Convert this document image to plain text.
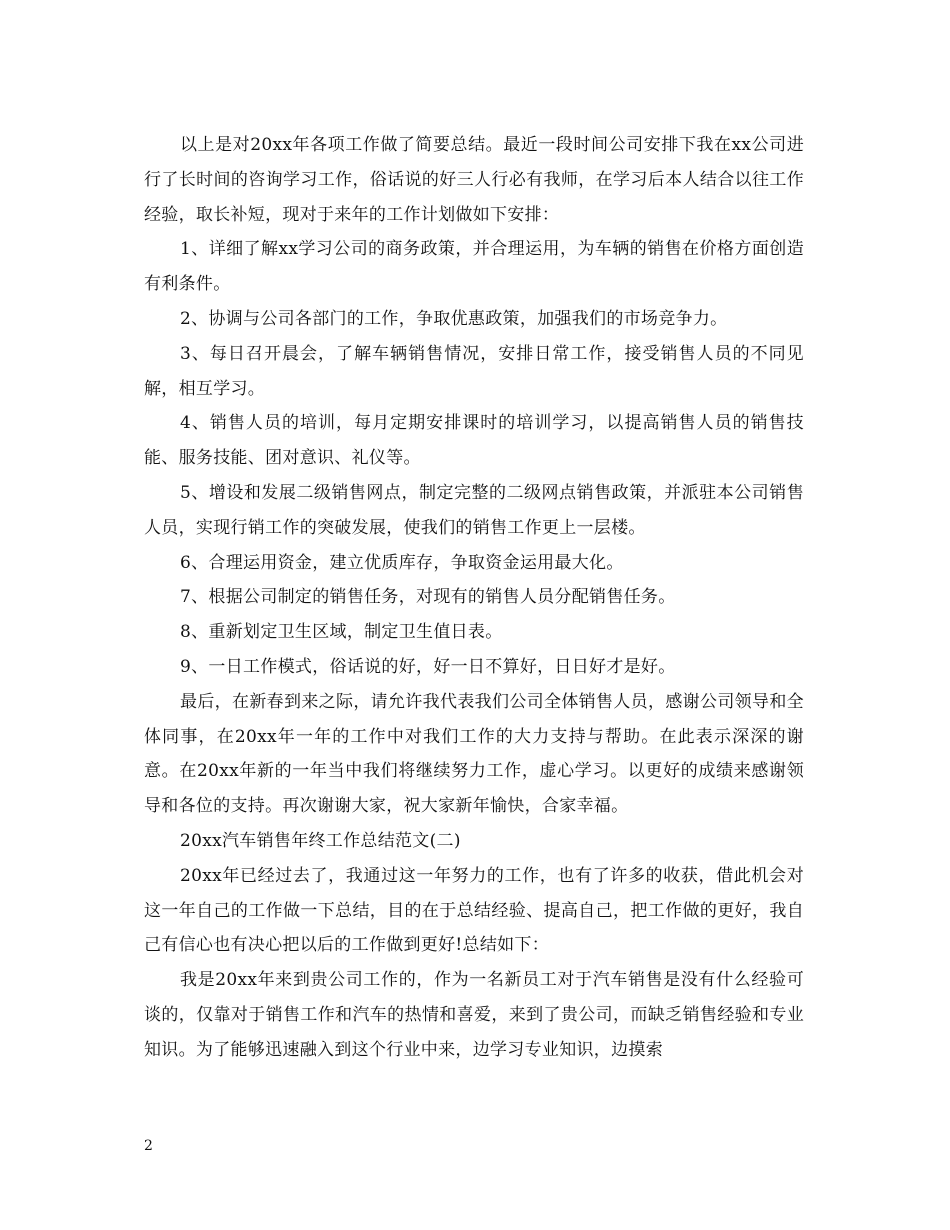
以上是对20xx年各项工作做了简要总结。最近一段时间公司安排下我在xx公司进行了长时间的咨询学习工作，俗话说的好三人行必有我师，在学习后本人结合以往工作经验，取长补短，现对于来年的工作计划做如下安排：

1、详细了解xx学习公司的商务政策，并合理运用，为车辆的销售在价格方面创造有利条件。

2、协调与公司各部门的工作，争取优惠政策，加强我们的市场竞争力。

3、每日召开晨会，了解车辆销售情况，安排日常工作，接受销售人员的不同见解，相互学习。

4、销售人员的培训，每月定期安排课时的培训学习，以提高销售人员的销售技能、服务技能、团对意识、礼仪等。

5、增设和发展二级销售网点，制定完整的二级网点销售政策，并派驻本公司销售人员，实现行销工作的突破发展，使我们的销售工作更上一层楼。

6、合理运用资金，建立优质库存，争取资金运用最大化。

7、根据公司制定的销售任务，对现有的销售人员分配销售任务。

8、重新划定卫生区域，制定卫生值日表。

9、一日工作模式，俗话说的好，好一日不算好，日日好才是好。

最后，在新春到来之际，请允许我代表我们公司全体销售人员，感谢公司领导和全体同事，在20xx年一年的工作中对我们工作的大力支持与帮助。在此表示深深的谢意。在20xx年新的一年当中我们将继续努力工作，虚心学习。以更好的成绩来感谢领导和各位的支持。再次谢谢大家，祝大家新年愉快，合家幸福。

20xx汽车销售年终工作总结范文(二)

20xx年已经过去了，我通过这一年努力的工作，也有了许多的收获，借此机会对这一年自己的工作做一下总结，目的在于总结经验、提高自己，把工作做的更好，我自己有信心也有决心把以后的工作做到更好!总结如下：

我是20xx年来到贵公司工作的，作为一名新员工对于汽车销售是没有什么经验可谈的，仅靠对于销售工作和汽车的热情和喜爱，来到了贵公司，而缺乏销售经验和专业知识。为了能够迅速融入到这个行业中来，边学习专业知识，边摸索

2
